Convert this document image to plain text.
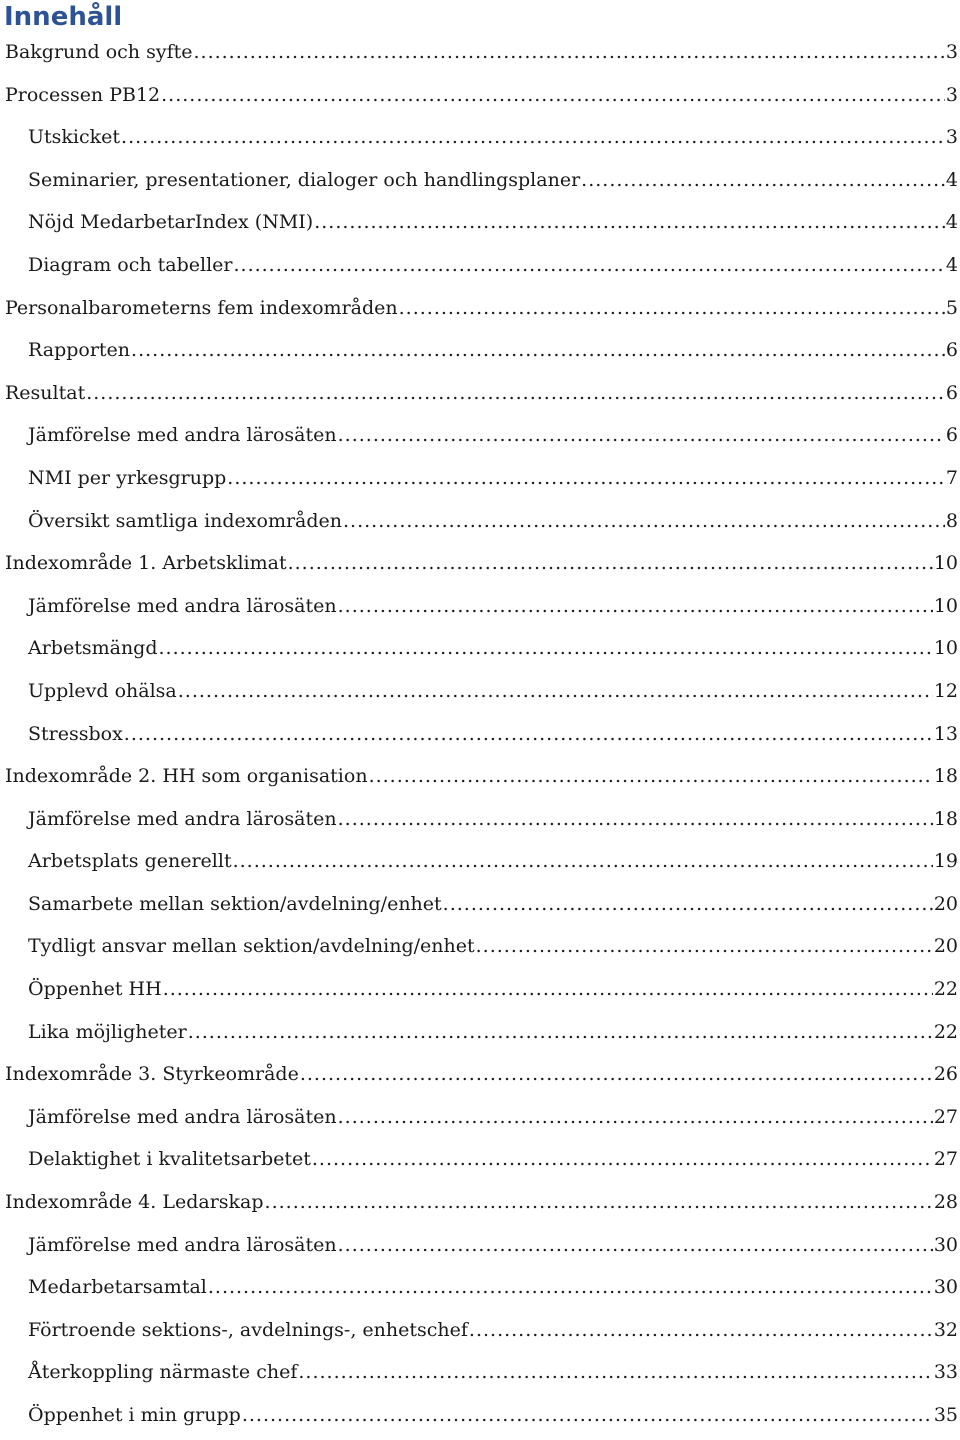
Innehåll
Bakgrund och syfte .....	3
Processen PB12 .....	3
Utskicket .....	3
Seminarier, presentationer, dialoger och handlingsplaner .....	4
Nöjd MedarbetarIndex (NMI) .....	4
Diagram och tabeller .....	4
Personalbarometerns fem indexområden .....	5
Rapporten .....	6
Resultat .....	6
Jämförelse med andra lärosäten .....	6
NMI per yrkesgrupp .....	7
Översikt samtliga indexområden .....	8
Indexområde 1. Arbetsklimat .....	10
Jämförelse med andra lärosäten .....	10
Arbetsmängd .....	10
Upplevd ohälsa .....	12
Stressbox .....	13
Indexområde 2. HH som organisation .....	18
Jämförelse med andra lärosäten .....	18
Arbetsplats generellt .....	19
Samarbete mellan sektion/avdelning/enhet .....	20
Tydligt ansvar mellan sektion/avdelning/enhet .....	20
Öppenhet HH .....	22
Lika möjligheter .....	22
Indexområde 3. Styrkeområde .....	26
Jämförelse med andra lärosäten .....	27
Delaktighet i kvalitetsarbetet .....	27
Indexområde 4. Ledarskap .....	28
Jämförelse med andra lärosäten .....	30
Medarbetarsamtal .....	30
Förtroende sektions-, avdelnings-, enhetschef .....	32
Återkoppling närmaste chef .....	33
Öppenhet i min grupp .....	35
